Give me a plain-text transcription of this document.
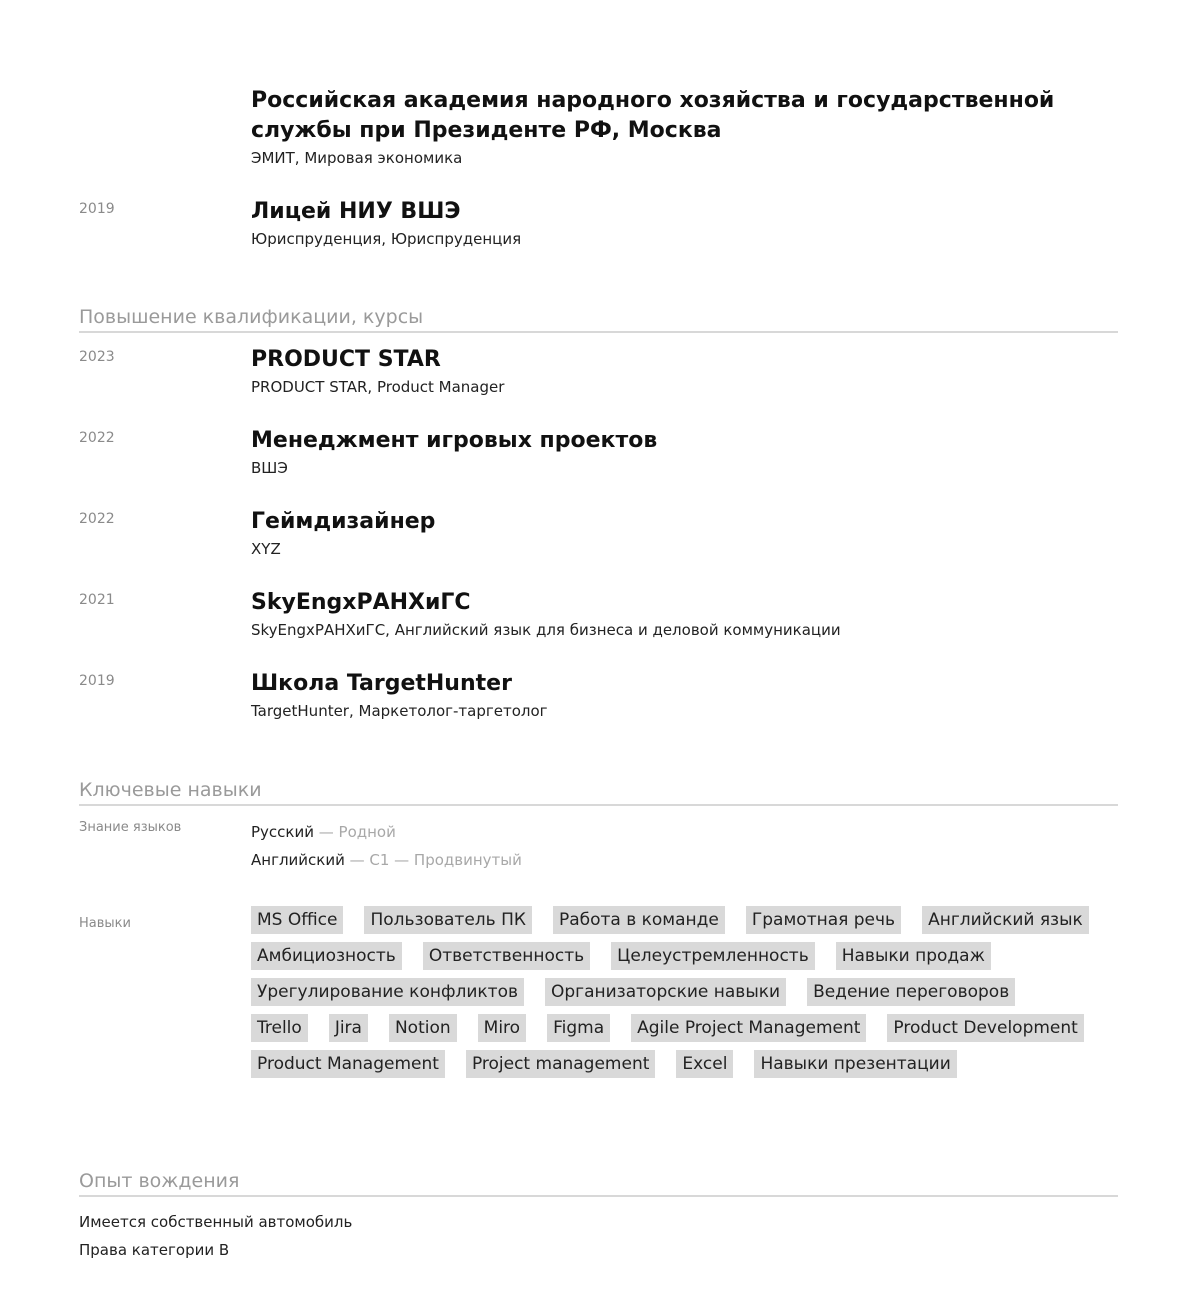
Российская академия народного хозяйства и государственной службы при Президенте РФ, Москва
ЭМИТ, Мировая экономика
2019	Лицей НИУ ВШЭ
Юриспруденция, Юриспруденция
Повышение квалификации, курсы
2023	PRODUCT STAR
PRODUCT STAR, Product Manager
2022	Менеджмент игровых проектов
ВШЭ
2022	Геймдизайнер
XYZ
2021	SkyEngxРАНХиГС
SkyEngxРАНХиГС, Английский язык для бизнеса и деловой коммуникации
2019	Школа TargetHunter
TargetHunter, Маркетолог-таргетолог
Ключевые навыки
Знание языков	Русский — Родной
Английский — C1 — Продвинутый
Навыки	MS Office	Пользователь ПК	Работа в команде	Грамотная речь	Английский язык
Амбициозность	Ответственность	Целеустремленность	Навыки продаж
Урегулирование конфликтов	Организаторские навыки	Ведение переговоров
Trello	Jira	Notion	Miro	Figma	Agile Project Management	Product Development
Product Management	Project management	Excel	Навыки презентации
Опыт вождения
Имеется собственный автомобиль
Права категории B
